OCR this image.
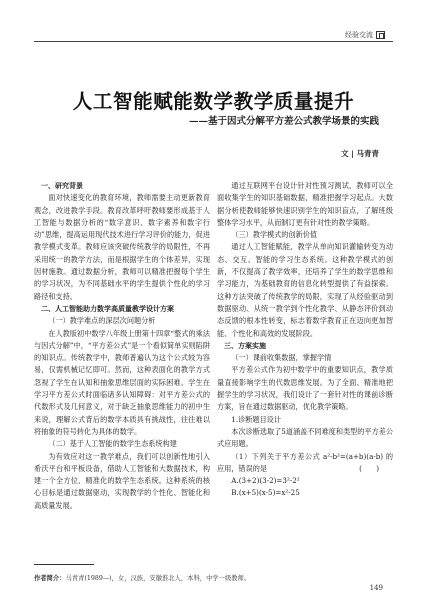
经验交流
人工智能赋能数学教学质量提升
——基于因式分解平方差公式教学场景的实践
文 | 马青青
一、研究背景

面对快速变化的教育环境，教师需要主动更新教育观念，改进教学手段。教育改革呼吁教师要形成基于人工智能与数据分析的“数字意识、数字素养和数字行动”思维，提高运用现代技术进行学习评价的能力，促进教学模式变革。教师应该突破传统教学的局限性，不再采用统一的教学方法，而是根据学生的个体差异，实现因材施教。通过数据分析，教师可以精准把握每个学生的学习状况，为不同基础水平的学生提供个性化的学习路径和支持。

二、人工智能助力数学高质量教学设计方案
（一）教学难点的深层次问题分析

在人教版初中数学八年级上册第十四章“整式的乘法与因式分解”中，“平方差公式”是一个看似简单实则陷阱的知识点。传统教学中，教师普遍认为这个公式较为容易，仅需机械记忆即可。然而，这种表面化的教学方式忽视了学生在认知和抽象思维层面的实际困难。学生在学习平方差公式时面临诸多认知障碍：对平方差公式的代数形式及几何意义，对于缺乏抽象思维能力的初中生来说，理解公式背后的数学本质具有挑战性，往往难以将抽象的符号转化为具体的数学。

（二）基于人工智能的数学生态系统构建

为有效应对这一教学难点，我们可以创新性地引入希沃平台和平板设备，借助人工智能和大数据技术，构建一个全方位、精准化的数学生态系统。这种系统的核心目标是通过数据驱动，实现教学的个性化、智能化和高质量发展。

通过互联网平台设计针对性预习测试，教师可以全面收集学生的知识基础数据，精准把握学习起点。大数据分析使教师能够快速识别学生的知识盲点，了解班级整体学习水平，从而制订更有针对性的教学策略。

（三）教学模式的创新价值

通过人工智能赋能，教学从单向知识灌输转变为动态、交互、智能的学习生态系统。这种教学模式的创新，不仅提高了教学效率，还培养了学生的数学思维和学习能力，为基础教育的信息化转型提供了有益探索。这种方法突破了传统教学的局限，实现了从经验驱动到数据驱动、从统一教学到个性化教学、从静态评价到动态反馈的根本性转变，标志着数学教育正在迈向更加智能、个性化和高效的发展阶段。

三、方案实施
（一）课前收集数据，掌握学情

平方差公式作为初中数学中的重要知识点，教学质量直接影响学生的代数思维发展。为了全面、精准地把握学生的学习状况，我们设计了一套针对性的课前诊断方案，旨在通过数据驱动，优化教学策略。

1.诊断题目设计

本次诊断选取了5道涵盖不同难度和类型的平方差公式应用题。

（1）下列关于平方差公式 a²-b²=(a+b)(a-b) 的应用，错误的是	(　　)

A.(3+2)(3-2)=3²-2²
B.(x+5)(x-5)=x²-25
作者简介：马青青(1989—)，女，汉族，安徽淮北人，本科，中学一级教师。
149
